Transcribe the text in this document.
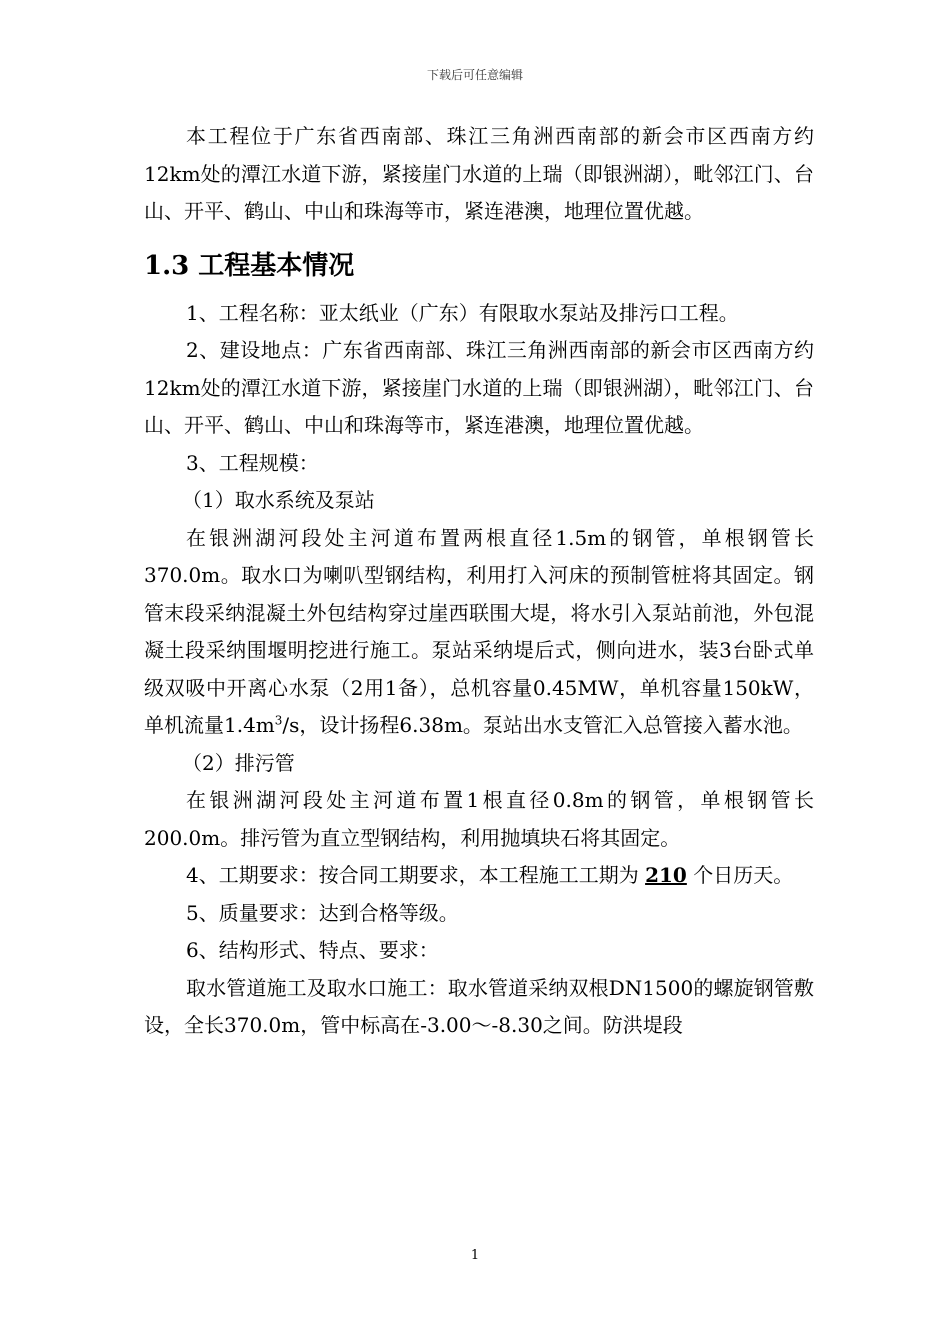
下载后可任意编辑

本工程位于广东省西南部、珠江三角洲西南部的新会市区西南方约12km处的潭江水道下游，紧接崖门水道的上瑞（即银洲湖），毗邻江门、台山、开平、鹤山、中山和珠海等市，紧连港澳，地理位置优越。

1.3 工程基本情况

1、工程名称：亚太纸业（广东）有限取水泵站及排污口工程。

2、建设地点：广东省西南部、珠江三角洲西南部的新会市区西南方约12km处的潭江水道下游，紧接崖门水道的上瑞（即银洲湖），毗邻江门、台山、开平、鹤山、中山和珠海等市，紧连港澳，地理位置优越。

3、工程规模：

（1）取水系统及泵站

在银洲湖河段处主河道布置两根直径1.5m的钢管，单根钢管长370.0m。取水口为喇叭型钢结构，利用打入河床的预制管桩将其固定。钢管末段采纳混凝土外包结构穿过崖西联围大堤，将水引入泵站前池，外包混凝土段采纳围堰明挖进行施工。泵站采纳堤后式，侧向进水，装3台卧式单级双吸中开离心水泵（2用1备），总机容量0.45MW，单机容量150kW，单机流量$1.4m^3/s$，设计扬程6.38m。泵站出水支管汇入总管接入蓄水池。

（2）排污管

在银洲湖河段处主河道布置1根直径0.8m的钢管，单根钢管长200.0m。排污管为直立型钢结构，利用抛填块石将其固定。

4、工期要求：按合同工期要求，本工程施工工期为 210 个日历天。

5、质量要求：达到合格等级。

6、结构形式、特点、要求：

取水管道施工及取水口施工：取水管道采纳双根DN1500的螺旋钢管敷设，全长370.0m，管中标高在-3.00～-8.30之间。防洪堤段

1
